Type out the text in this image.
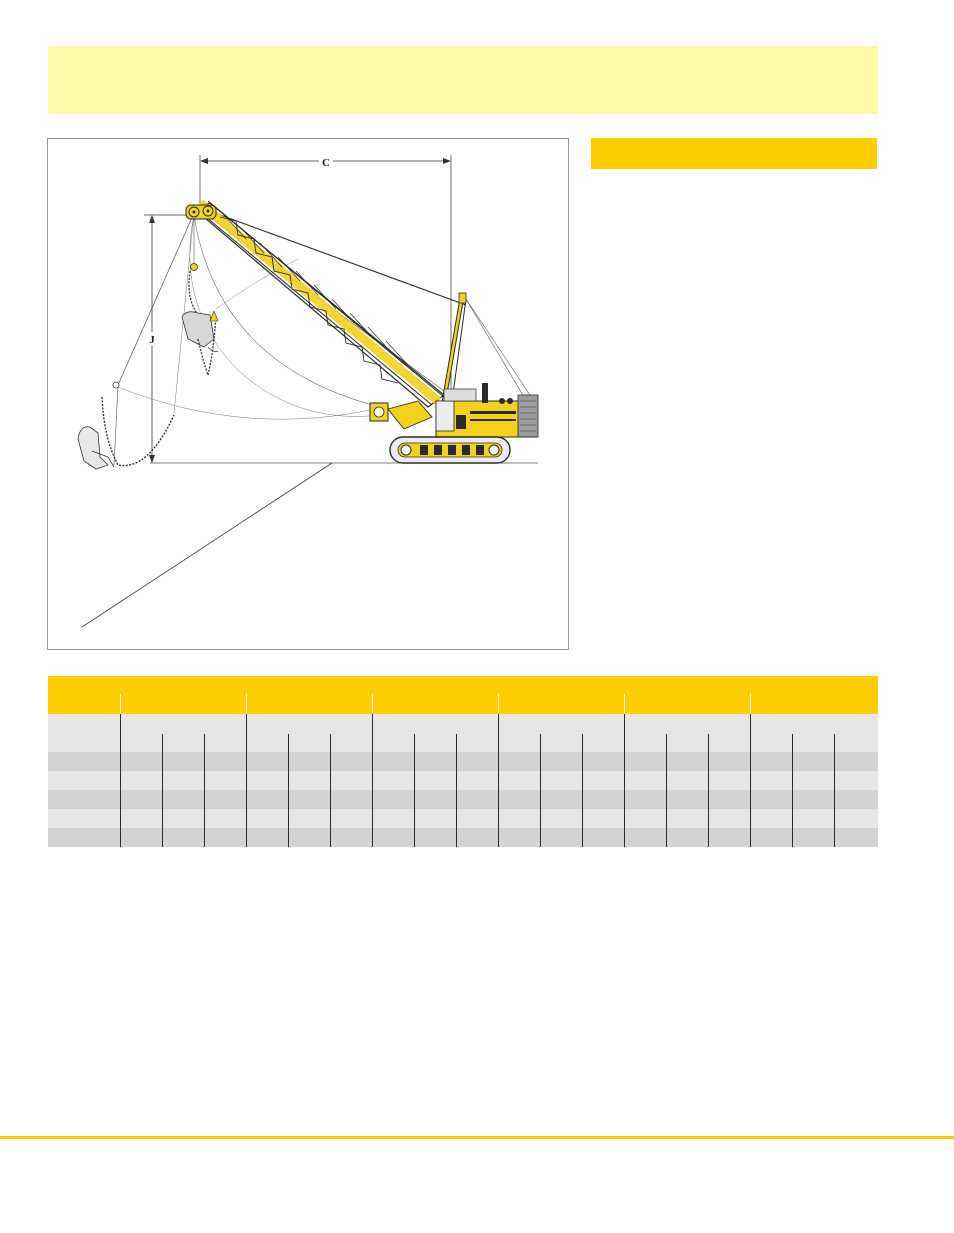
C
J
